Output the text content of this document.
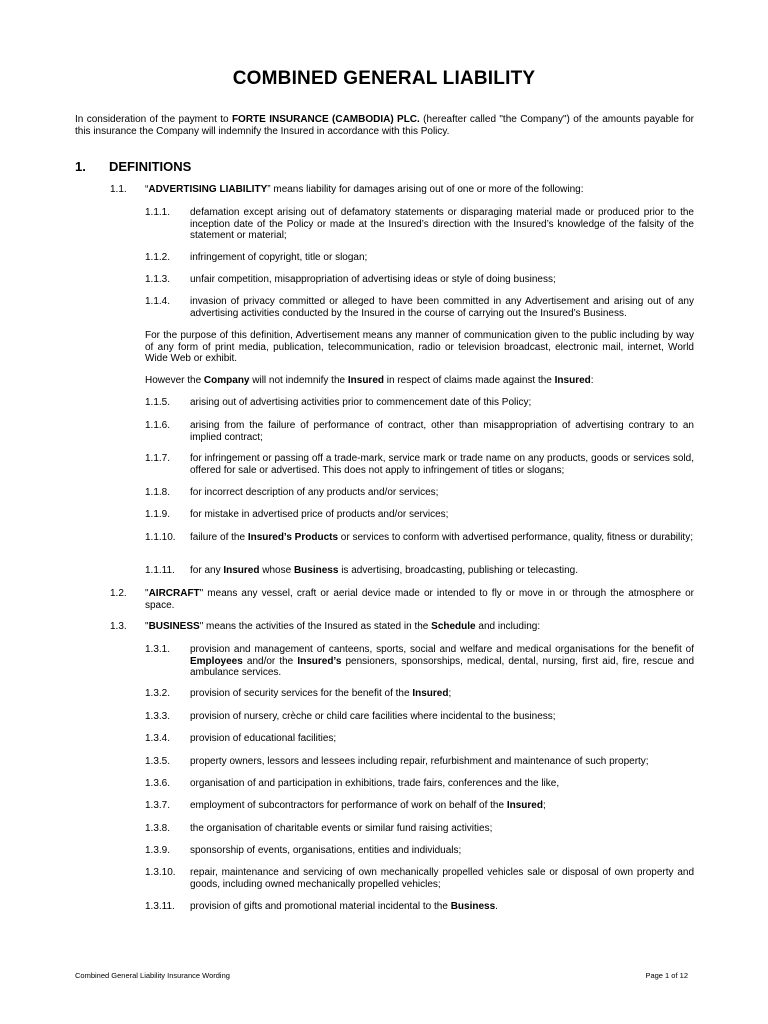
COMBINED GENERAL LIABILITY
In consideration of the payment to FORTE INSURANCE (CAMBODIA) PLC. (hereafter called "the Company") of the amounts payable for this insurance the Company will indemnify the Insured in accordance with this Policy.
1. DEFINITIONS
1.1. “ADVERTISING LIABILITY” means liability for damages arising out of one or more of the following:
1.1.1. defamation except arising out of defamatory statements or disparaging material made or produced prior to the inception date of the Policy or made at the Insured’s direction with the Insured’s knowledge of the falsity of the statement or material;
1.1.2. infringement of copyright, title or slogan;
1.1.3. unfair competition, misappropriation of advertising ideas or style of doing business;
1.1.4. invasion of privacy committed or alleged to have been committed in any Advertisement and arising out of any advertising activities conducted by the Insured in the course of carrying out the Insured’s Business.
For the purpose of this definition, Advertisement means any manner of communication given to the public including by way of any form of print media, publication, telecommunication, radio or television broadcast, electronic mail, internet, World Wide Web or exhibit.
However the Company will not indemnify the Insured in respect of claims made against the Insured:
1.1.5. arising out of advertising activities prior to commencement date of this Policy;
1.1.6. arising from the failure of performance of contract, other than misappropriation of advertising contrary to an implied contract;
1.1.7. for infringement or passing off a trade-mark, service mark or trade name on any products, goods or services sold, offered for sale or advertised. This does not apply to infringement of titles or slogans;
1.1.8. for incorrect description of any products and/or services;
1.1.9. for mistake in advertised price of products and/or services;
1.1.10. failure of the Insured’s Products or services to conform with advertised performance, quality, fitness or durability;
1.1.11. for any Insured whose Business is advertising, broadcasting, publishing or telecasting.
1.2. "AIRCRAFT" means any vessel, craft or aerial device made or intended to fly or move in or through the atmosphere or space.
1.3. "BUSINESS" means the activities of the Insured as stated in the Schedule and including:
1.3.1. provision and management of canteens, sports, social and welfare and medical organisations for the benefit of Employees and/or the Insured’s pensioners, sponsorships, medical, dental, nursing, first aid, fire, rescue and ambulance services.
1.3.2. provision of security services for the benefit of the Insured;
1.3.3. provision of nursery, crèche or child care facilities where incidental to the business;
1.3.4. provision of educational facilities;
1.3.5. property owners, lessors and lessees including repair, refurbishment and maintenance of such property;
1.3.6. organisation of and participation in exhibitions, trade fairs, conferences and the like,
1.3.7. employment of subcontractors for performance of work on behalf of the Insured;
1.3.8. the organisation of charitable events or similar fund raising activities;
1.3.9. sponsorship of events, organisations, entities and individuals;
1.3.10. repair, maintenance and servicing of own mechanically propelled vehicles sale or disposal of own property and goods, including owned mechanically propelled vehicles;
1.3.11. provision of gifts and promotional material incidental to the Business.
Combined General Liability Insurance Wording	Page 1 of 12
